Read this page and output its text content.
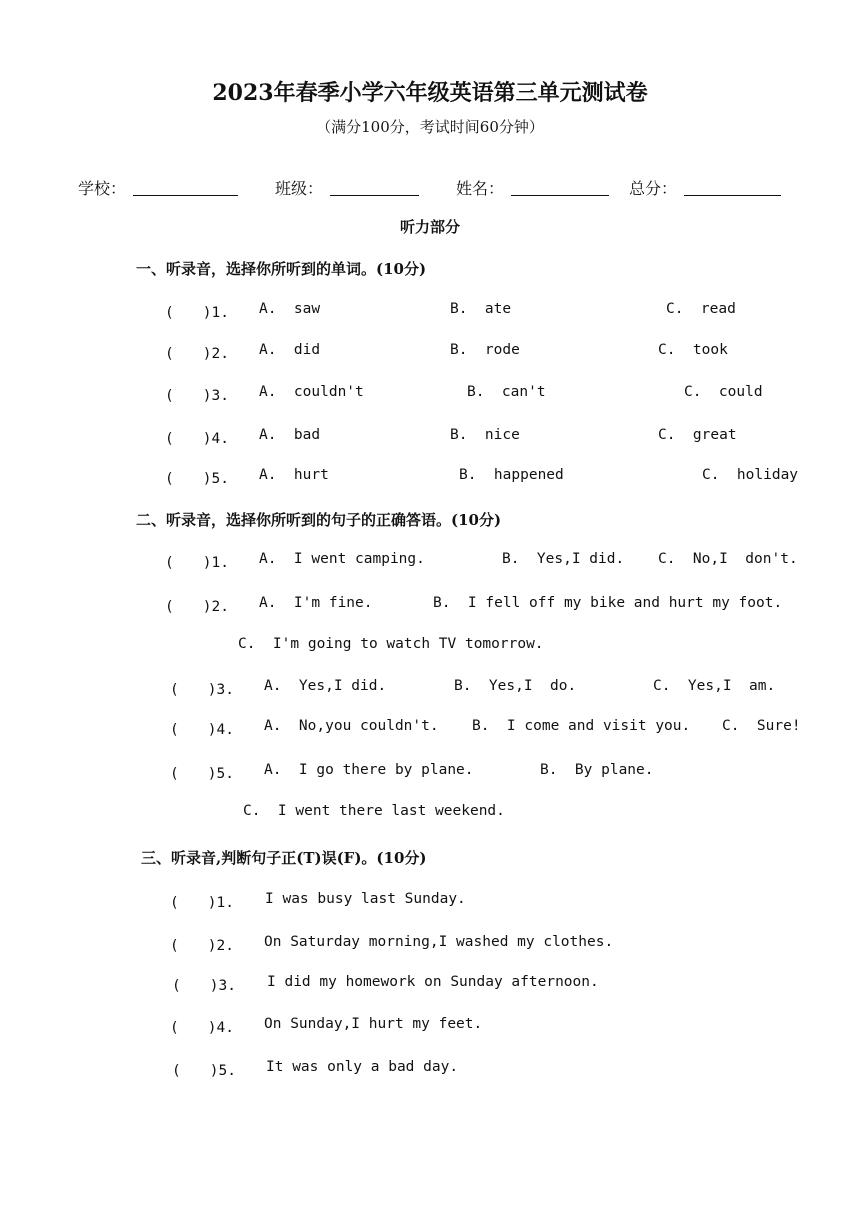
2023年春季小学六年级英语第三单元测试卷
（满分100分，考试时间60分钟）
学校：	班级：	姓名：	总分：
听力部分
一、听录音，选择你所听到的单词。(10分)
(　　)1. A.  saw	B.  ate	C.  read
(　　)2. A.  did	B.  rode	C.  took
(　　)3. A.  couldn't	B.  can't	C.  could
(　　)4. A.  bad	B.  nice	C.  great
(　　)5. A.  hurt	B.  happened	C.  holiday
二、听录音，选择你所听到的句子的正确答语。(10分)
(　　)1. A.  I went camping.	B.  Yes,I did. C.  No,I  don't.
(　　)2. A.  I'm fine.	B.  I fell off my bike and hurt my foot.
C.  I'm going to watch TV tomorrow.
(　　)3. A.  Yes,I did.	B.  Yes,I  do.	C.  Yes,I  am.
(　　)4. A.  No,you couldn't. B.  I come and visit you. C.  Sure!
(　　)5. A.  I go there by plane.	B.  By plane.
C.  I went there last weekend.
三、听录音,判断句子正(T)误(F)。(10分)
(　　)1. I was busy last Sunday.
(　　)2. On Saturday morning,I washed my clothes.
(　　)3. I did my homework on Sunday afternoon.
(　　)4. On Sunday,I hurt my feet.
(　　)5. It was only a bad day.
